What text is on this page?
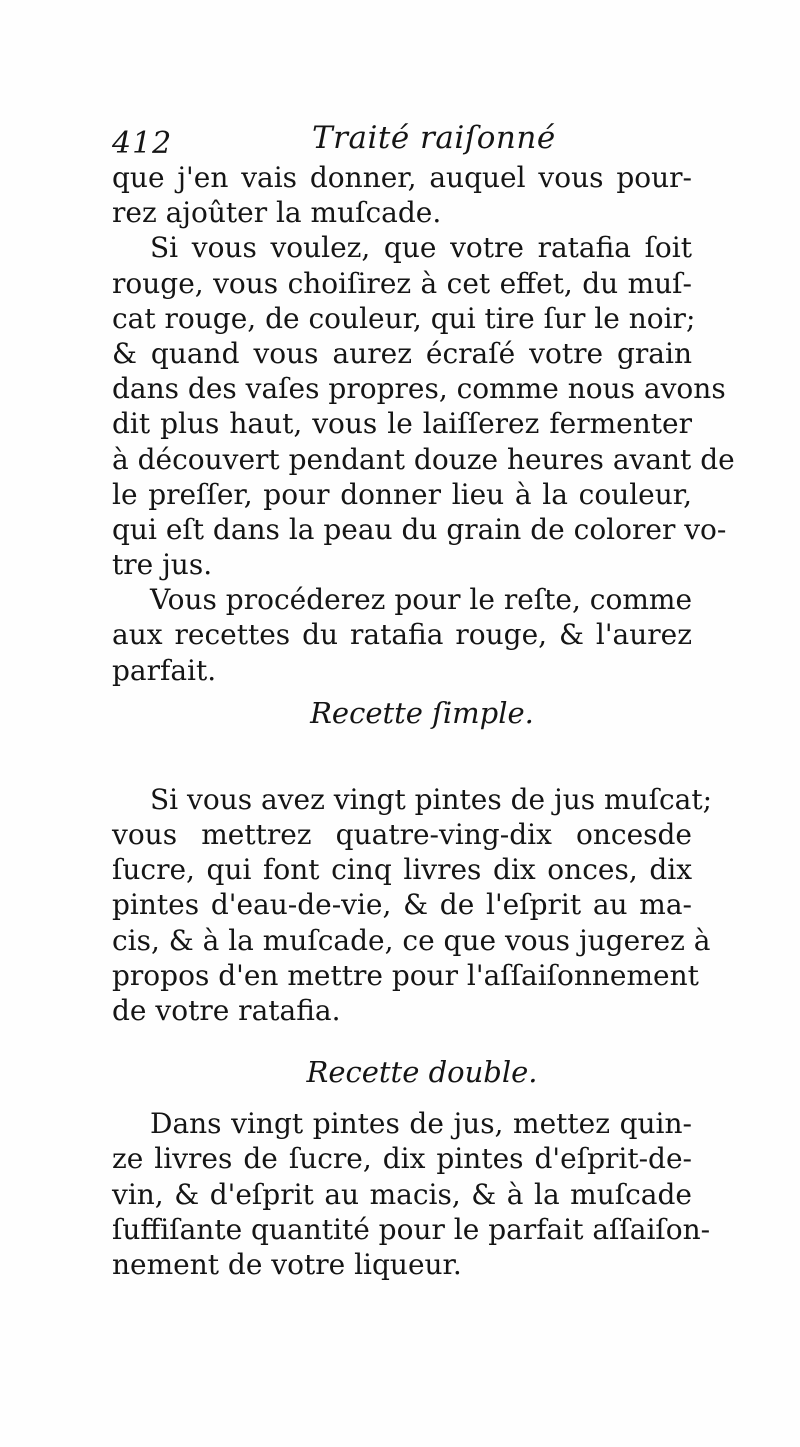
412	Traité raiſonné
que j'en vais donner, auquel vous pour-
rez ajoûter la muſcade.
Si vous voulez, que votre ratafia ſoit
rouge, vous choiſirez à cet effet, du muſ-
cat rouge, de couleur, qui tire ſur le noir;
& quand vous aurez écraſé votre grain
dans des vaſes propres, comme nous avons
dit plus haut, vous le laiſſerez fermenter
à découvert pendant douze heures avant de
le preſſer, pour donner lieu à la couleur,
qui eſt dans la peau du grain de colorer vo-
tre jus.
Vous procéderez pour le reſte, comme
aux recettes du ratafia rouge, & l'aurez
parfait.
Recette ſimple.
Si vous avez vingt pintes de jus muſcat;
vous mettrez quatre-ving-dix oncesde
ſucre, qui font cinq livres dix onces, dix
pintes d'eau-de-vie, & de l'eſprit au ma-
cis, & à la muſcade, ce que vous jugerez à
propos d'en mettre pour l'aſſaiſonnement
de votre ratafia.
Recette double.
Dans vingt pintes de jus, mettez quin-
ze livres de ſucre, dix pintes d'eſprit-de-
vin, & d'eſprit au macis, & à la muſcade
ſuffiſante quantité pour le parfait aſſaiſon-
nement de votre liqueur.
